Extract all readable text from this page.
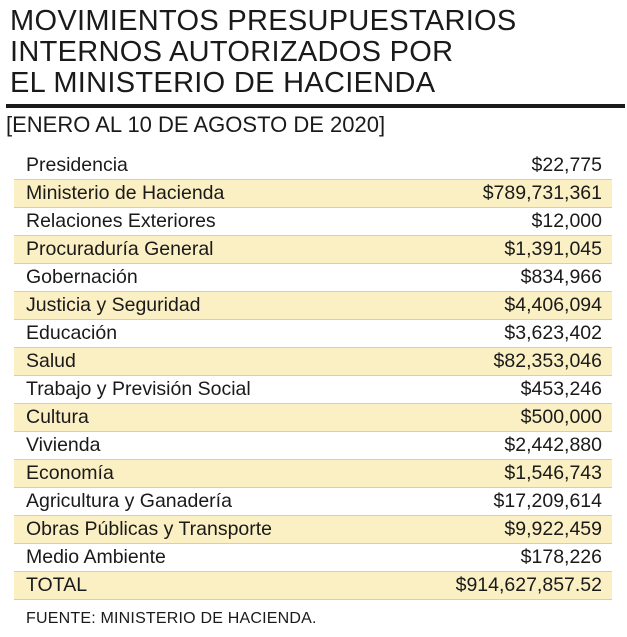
MOVIMIENTOS PRESUPUESTARIOS
INTERNOS AUTORIZADOS POR
EL MINISTERIO DE HACIENDA
[ENERO AL 10 DE AGOSTO DE 2020]
Presidencia	$22,775
Ministerio de Hacienda	$789,731,361
Relaciones Exteriores	$12,000
Procuraduría General	$1,391,045
Gobernación	$834,966
Justicia y Seguridad	$4,406,094
Educación	$3,623,402
Salud	$82,353,046
Trabajo y Previsión Social	$453,246
Cultura	$500,000
Vivienda	$2,442,880
Economía	$1,546,743
Agricultura y Ganadería	$17,209,614
Obras Públicas y Transporte	$9,922,459
Medio Ambiente	$178,226
TOTAL	$914,627,857.52
FUENTE: MINISTERIO DE HACIENDA.
